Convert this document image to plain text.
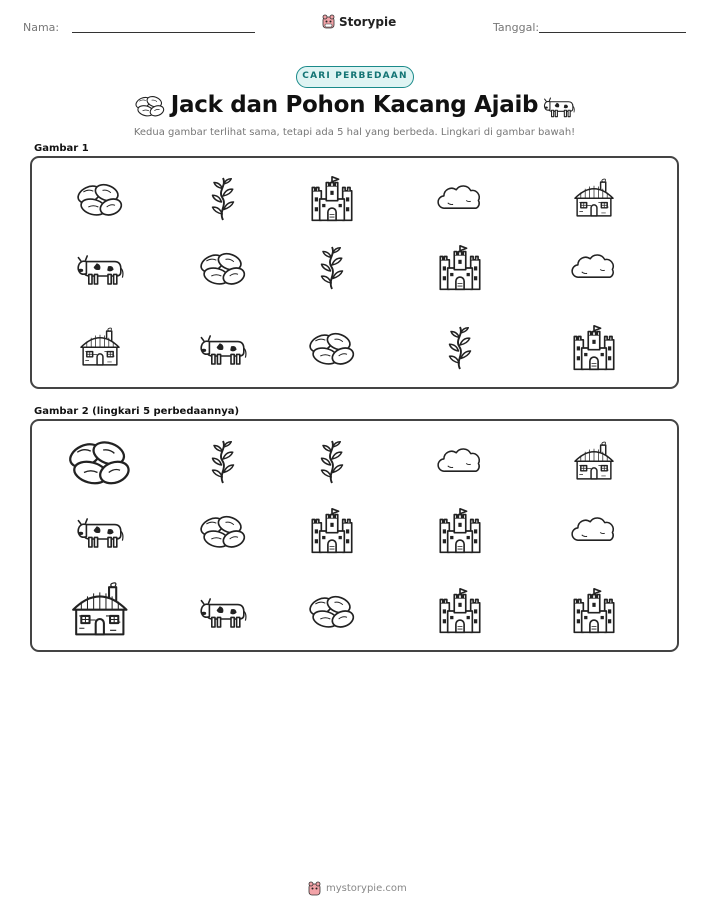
Nama:	Storypie	Tanggal:
CARI PERBEDAAN
Jack dan Pohon Kacang Ajaib
Kedua gambar terlihat sama, tetapi ada 5 hal yang berbeda. Lingkari di gambar bawah!
Gambar 1
Gambar 2 (lingkari 5 perbedaannya)
mystorypie.com
